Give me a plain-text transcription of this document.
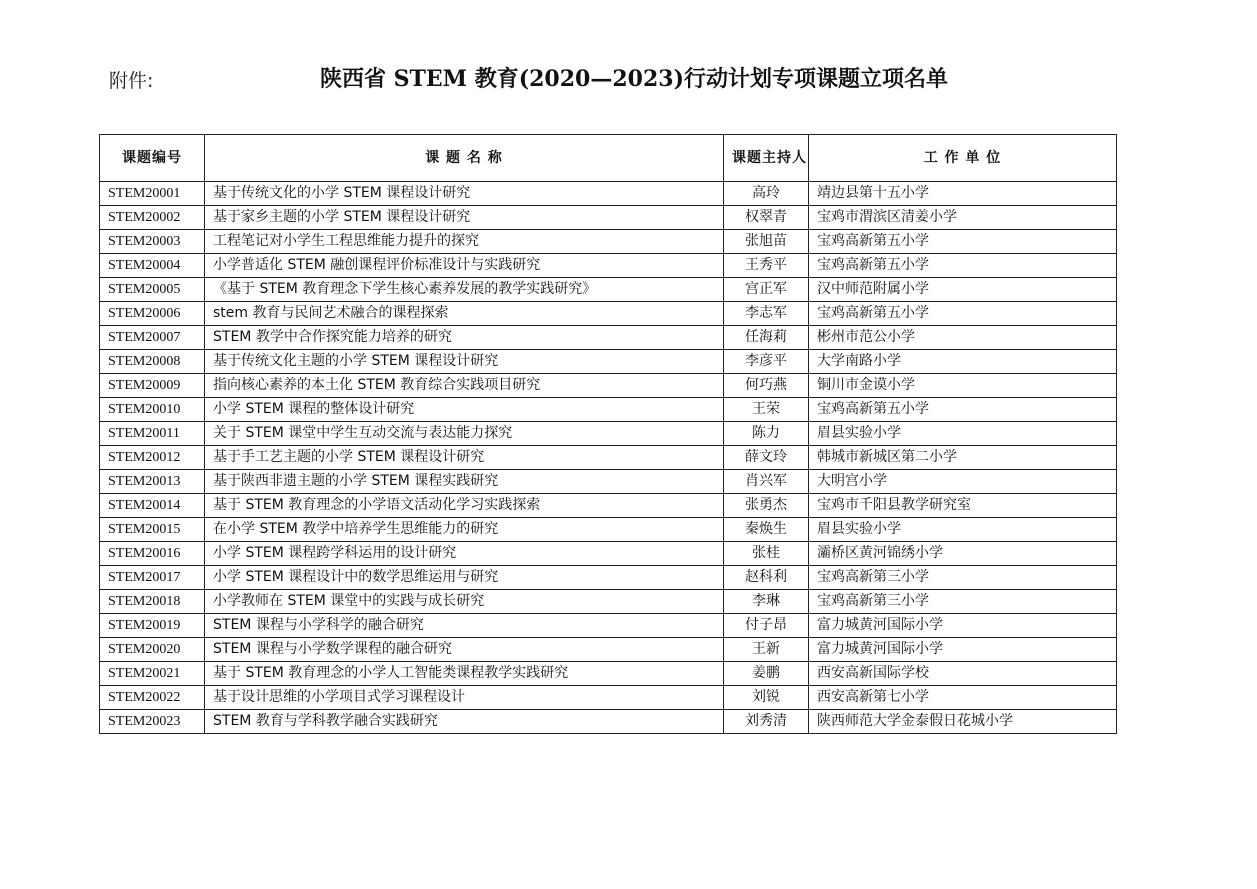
附件:	陕西省 STEM 教育(2020—2023)行动计划专项课题立项名单
课题编号	课 题 名 称	课题主持人	工 作 单 位
STEM20001	基于传统文化的小学 STEM 课程设计研究	高玲	靖边县第十五小学
STEM20002	基于家乡主题的小学 STEM 课程设计研究	权翠青	宝鸡市渭滨区清姜小学
STEM20003	工程笔记对小学生工程思维能力提升的探究	张旭苗	宝鸡高新第五小学
STEM20004	小学普适化 STEM 融创课程评价标准设计与实践研究	王秀平	宝鸡高新第五小学
STEM20005	《基于 STEM 教育理念下学生核心素养发展的教学实践研究》	宫正军	汉中师范附属小学
STEM20006	stem 教育与民间艺术融合的课程探索	李志军	宝鸡高新第五小学
STEM20007	STEM 教学中合作探究能力培养的研究	任海莉	彬州市范公小学
STEM20008	基于传统文化主题的小学 STEM 课程设计研究	李彦平	大学南路小学
STEM20009	指向核心素养的本土化 STEM 教育综合实践项目研究	何巧燕	铜川市金谟小学
STEM20010	小学 STEM 课程的整体设计研究	王荣	宝鸡高新第五小学
STEM20011	关于 STEM 课堂中学生互动交流与表达能力探究	陈力	眉县实验小学
STEM20012	基于手工艺主题的小学 STEM 课程设计研究	薛文玲	韩城市新城区第二小学
STEM20013	基于陕西非遗主题的小学 STEM 课程实践研究	肖兴军	大明宫小学
STEM20014	基于 STEM 教育理念的小学语文活动化学习实践探索	张勇杰	宝鸡市千阳县教学研究室
STEM20015	在小学 STEM 教学中培养学生思维能力的研究	秦焕生	眉县实验小学
STEM20016	小学 STEM 课程跨学科运用的设计研究	张桂	灞桥区黄河锦绣小学
STEM20017	小学 STEM 课程设计中的数学思维运用与研究	赵科利	宝鸡高新第三小学
STEM20018	小学教师在 STEM 课堂中的实践与成长研究	李琳	宝鸡高新第三小学
STEM20019	STEM 课程与小学科学的融合研究	付子昂	富力城黄河国际小学
STEM20020	STEM 课程与小学数学课程的融合研究	王新	富力城黄河国际小学
STEM20021	基于 STEM 教育理念的小学人工智能类课程教学实践研究	姜鹏	西安高新国际学校
STEM20022	基于设计思维的小学项目式学习课程设计	刘锐	西安高新第七小学
STEM20023	STEM 教育与学科教学融合实践研究	刘秀清	陕西师范大学金泰假日花城小学
